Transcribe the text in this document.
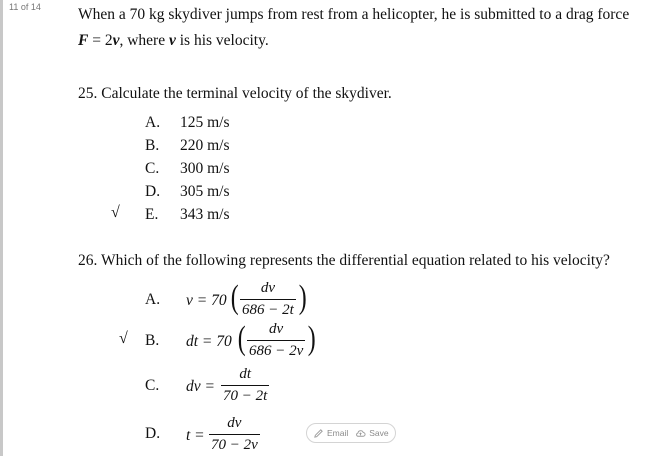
11 of 14 When a 70 kg skydiver jumps from rest from a helicopter, he is submitted to a drag force
F = 2v, where v is his velocity.
25. Calculate the terminal velocity of the skydiver.
A. 125 m/s
B. 220 m/s
C. 300 m/s
D. 305 m/s
√ E. 343 m/s
26. Which of the following represents the differential equation related to his velocity?
A. v = 70 ( $\frac{dv}{686 - 2t}$ )
√ B. dt = 70 ( $\frac{dv}{686 - 2v}$ )
C. dv = $\frac{dt}{70 - 2t}$
D. $t = \frac{dv}{70 - 2v}$	Email Save
